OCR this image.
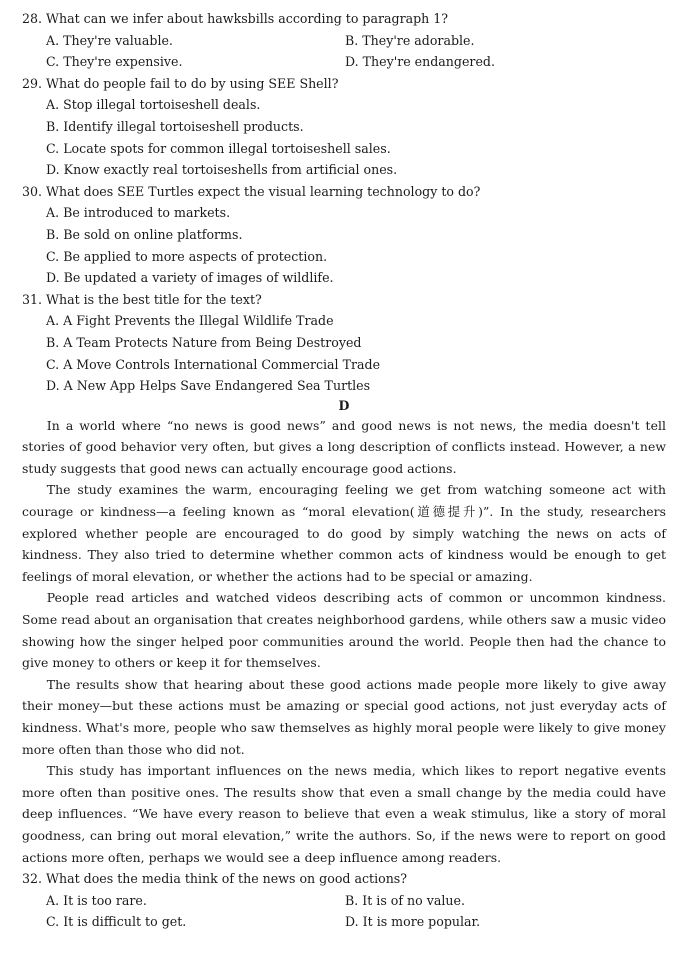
28. What can we infer about hawksbills according to paragraph 1?
A. They're valuable.	B. They're adorable.
C. They're expensive.	D. They're endangered.
29. What do people fail to do by using SEE Shell?
A. Stop illegal tortoiseshell deals.
B. Identify illegal tortoiseshell products.
C. Locate spots for common illegal tortoiseshell sales.
D. Know exactly real tortoiseshells from artificial ones.
30. What does SEE Turtles expect the visual learning technology to do?
A. Be introduced to markets.
B. Be sold on online platforms.
C. Be applied to more aspects of protection.
D. Be updated a variety of images of wildlife.
31. What is the best title for the text?
A. A Fight Prevents the Illegal Wildlife Trade
B. A Team Protects Nature from Being Destroyed
C. A Move Controls International Commercial Trade
D. A New App Helps Save Endangered Sea Turtles
D

In a world where “no news is good news” and good news is not news, the media doesn't tell stories of good behavior very often, but gives a long description of conflicts instead. However, a new study suggests that good news can actually encourage good actions.

The study examines the warm, encouraging feeling we get from watching someone act with courage or kindness—a feeling known as “moral elevation(道德提升)”. In the study, researchers explored whether people are encouraged to do good by simply watching the news on acts of kindness. They also tried to determine whether common acts of kindness would be enough to get feelings of moral elevation, or whether the actions had to be special or amazing.

People read articles and watched videos describing acts of common or uncommon kindness. Some read about an organisation that creates neighborhood gardens, while others saw a music video showing how the singer helped poor communities around the world. People then had the chance to give money to others or keep it for themselves.

The results show that hearing about these good actions made people more likely to give away their money—but these actions must be amazing or special good actions, not just everyday acts of kindness. What's more, people who saw themselves as highly moral people were likely to give money more often than those who did not.

This study has important influences on the news media, which likes to report negative events more often than positive ones. The results show that even a small change by the media could have deep influences. “We have every reason to believe that even a weak stimulus, like a story of moral goodness, can bring out moral elevation,” write the authors. So, if the news were to report on good actions more often, perhaps we would see a deep influence among readers.

32. What does the media think of the news on good actions?
A. It is too rare.	B. It is of no value.
C. It is difficult to get.	D. It is more popular.
